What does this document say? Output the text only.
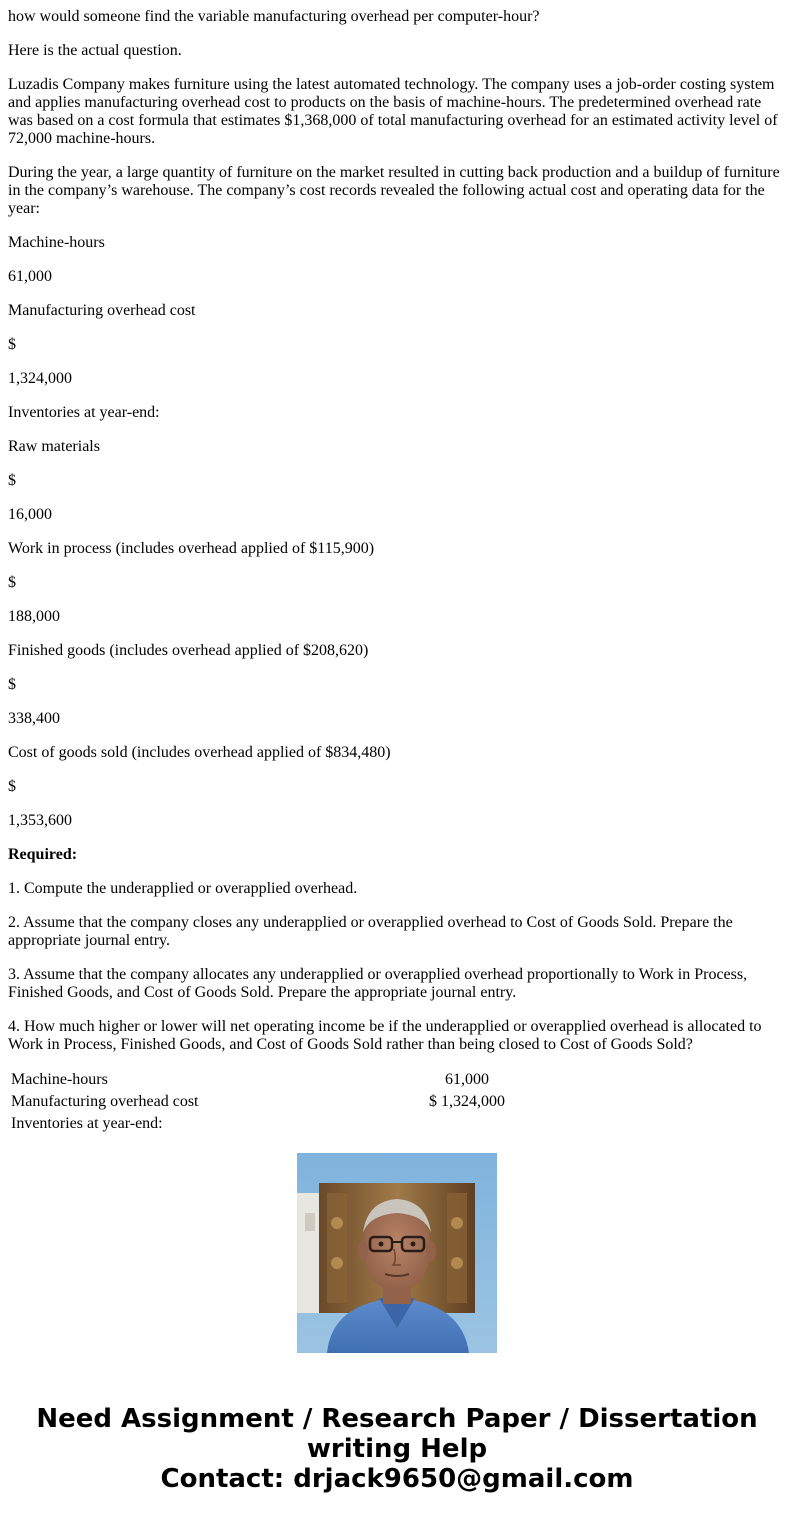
how would someone find the variable manufacturing overhead per computer-hour?

Here is the actual question.

Luzadis Company makes furniture using the latest automated technology. The company uses a job-order costing system and applies manufacturing overhead cost to products on the basis of machine-hours. The predetermined overhead rate was based on a cost formula that estimates $1,368,000 of total manufacturing overhead for an estimated activity level of 72,000 machine-hours.

During the year, a large quantity of furniture on the market resulted in cutting back production and a buildup of furniture in the company’s warehouse. The company’s cost records revealed the following actual cost and operating data for the year:

Machine-hours

61,000

Manufacturing overhead cost

$

1,324,000

Inventories at year-end:

Raw materials

$

16,000

Work in process (includes overhead applied of $115,900)

$

188,000

Finished goods (includes overhead applied of $208,620)

$

338,400

Cost of goods sold (includes overhead applied of $834,480)

$

1,353,600

Required:

1. Compute the underapplied or overapplied overhead.

2. Assume that the company closes any underapplied or overapplied overhead to Cost of Goods Sold. Prepare the appropriate journal entry.

3. Assume that the company allocates any underapplied or overapplied overhead proportionally to Work in Process, Finished Goods, and Cost of Goods Sold. Prepare the appropriate journal entry.

4. How much higher or lower will net operating income be if the underapplied or overapplied overhead is allocated to Work in Process, Finished Goods, and Cost of Goods Sold rather than being closed to Cost of Goods Sold?

Machine-hours	61,000
Manufacturing overhead cost	$ 1,324,000
Inventories at year-end:	
Need Assignment / Research Paper / Dissertation
writing Help
Contact: drjack9650@gmail.com
